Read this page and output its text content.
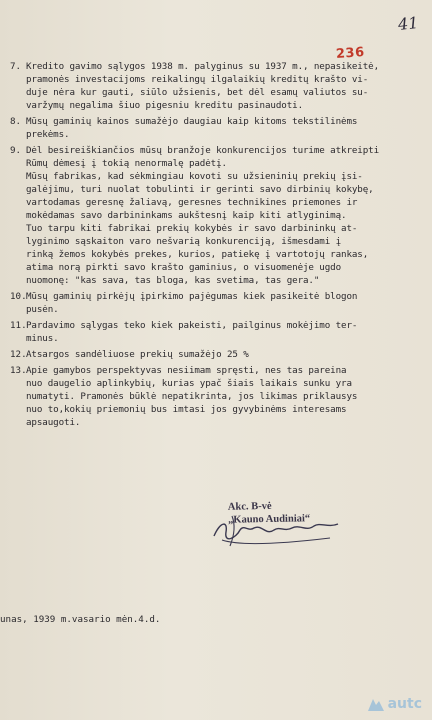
41
236
7. Kredito gavimo sąlygos 1938 m. palyginus su 1937 m., nepasikeitė,
pramonės investacijoms reikalingų ilgalaikių kreditų krašto vi-
duje nėra kur gauti, siūlo užsienis, bet dėl esamų valiutos su-
varžymų negalima šiuo pigesniu kreditu pasinaudoti.
8. Mūsų gaminių kainos sumažėjo daugiau kaip kitoms tekstilinėms
prekėms.
9. Dėl besireiškiančios mūsų branžoje konkurencijos turime atkreipti
Rūmų dėmesį į tokią nenormalę padėtį.
Mūsų fabrikas, kad sėkmingiau kovoti su užsieninių prekių įsi-
galėjimu, turi nuolat tobulinti ir gerinti savo dirbinių kokybę,
vartodamas geresnę žaliavą, geresnes technikines priemones ir
mokėdamas savo darbininkams aukštesnį kaip kiti atlyginimą.
Tuo tarpu kiti fabrikai prekių kokybės ir savo darbininkų at-
lyginimo sąskaiton varo nešvarią konkurenciją, išmesdami į
rinką žemos kokybės prekes, kurios, patiekę į vartotojų rankas,
atima norą pirkti savo krašto gaminius, o visuomenėje ugdo
nuomonę: "kas sava, tas bloga, kas svetima, tas gera."
10. Mūsų gaminių pirkėjų įpirkimo pajėgumas kiek pasikeitė blogon
pusėn.
11. Pardavimo sąlygas teko kiek pakeisti, pailginus mokėjimo ter-
minus.
12. Atsargos sandėliuose prekių sumažėjo 25 %
13. Apie gamybos perspektyvas nesiimam spręsti, nes tas pareina
nuo daugelio aplinkybių, kurias ypač šiais laikais sunku yra
numatyti. Pramonės būklė nepatikrinta, jos likimas priklausys
nuo to,kokių priemonių bus imtasi jos gyvybinėms interesams
apsaugoti.
Akc. B-vė
„Kauno Audiniai“
unas, 1939 m.vasario mėn.4.d.
autc
